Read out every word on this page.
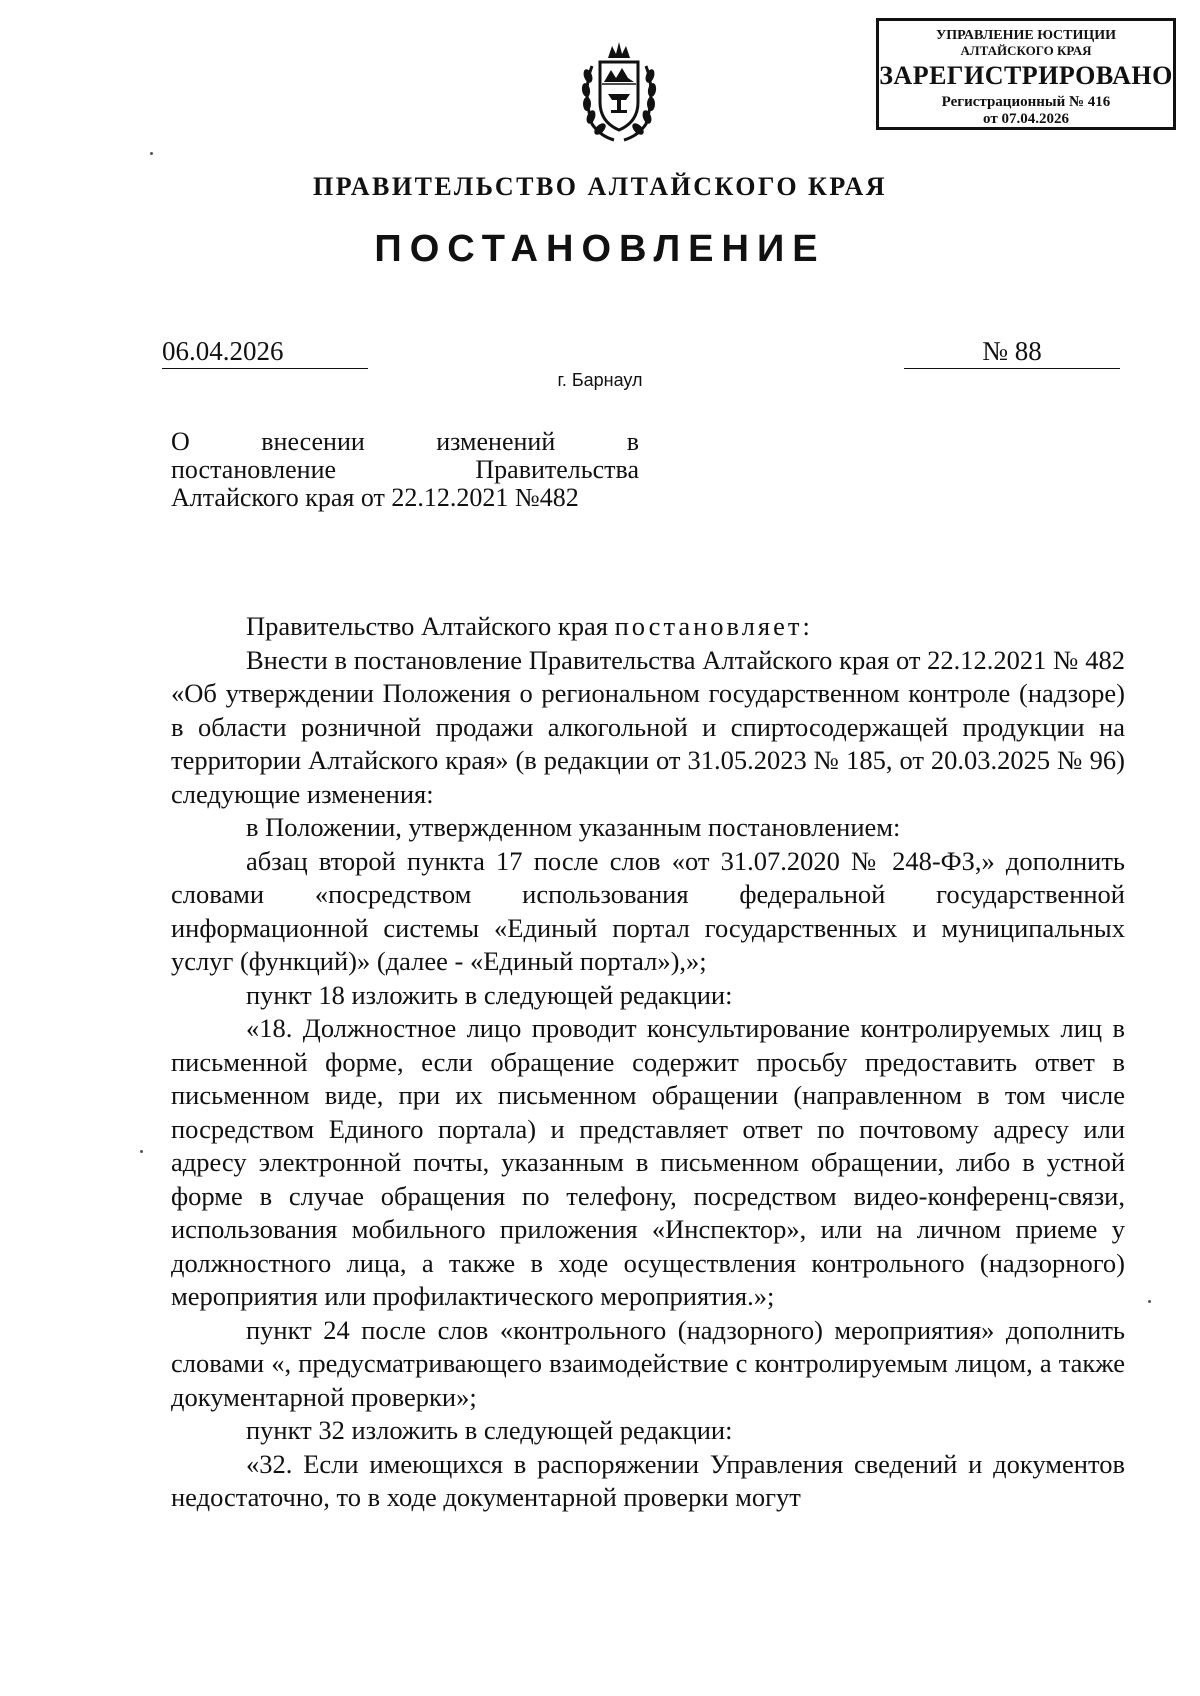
УПРАВЛЕНИЕ ЮСТИЦИИ
АЛТАЙСКОГО КРАЯ
ЗАРЕГИСТРИРОВАНО
Регистрационный № 416
от 07.04.2026
ПРАВИТЕЛЬСТВО АЛТАЙСКОГО КРАЯ
ПОСТАНОВЛЕНИЕ
06.04.2026	№ 88
г. Барнаул
О внесении изменений в
постановление Правительства
Алтайского края от 22.12.2021 №482

Правительство Алтайского края постановляет:

Внести в постановление Правительства Алтайского края от 22.12.2021 № 482 «Об утверждении Положения о региональном государственном контроле (надзоре) в области розничной продажи алкогольной и спиртосодержащей продукции на территории Алтайского края» (в редакции от 31.05.2023 № 185, от 20.03.2025 № 96) следующие изменения:

в Положении, утвержденном указанным постановлением:

абзац второй пункта 17 после слов «от 31.07.2020 № 248-ФЗ,» дополнить словами «посредством использования федеральной государственной информационной системы «Единый портал государственных и муниципальных услуг (функций)» (далее - «Единый портал»),»;

пункт 18 изложить в следующей редакции:

«18. Должностное лицо проводит консультирование контролируемых лиц в письменной форме, если обращение содержит просьбу предоставить ответ в письменном виде, при их письменном обращении (направленном в том числе посредством Единого портала) и представляет ответ по почтовому адресу или адресу электронной почты, указанным в письменном обращении, либо в устной форме в случае обращения по телефону, посредством видео-конференц-связи, использования мобильного приложения «Инспектор», или на личном приеме у должностного лица, а также в ходе осуществления контрольного (надзорного) мероприятия или профилактического мероприятия.»;

пункт 24 после слов «контрольного (надзорного) мероприятия» дополнить словами «, предусматривающего взаимодействие с контролируемым лицом, а также документарной проверки»;

пункт 32 изложить в следующей редакции:

«32. Если имеющихся в распоряжении Управления сведений и документов недостаточно, то в ходе документарной проверки могут
